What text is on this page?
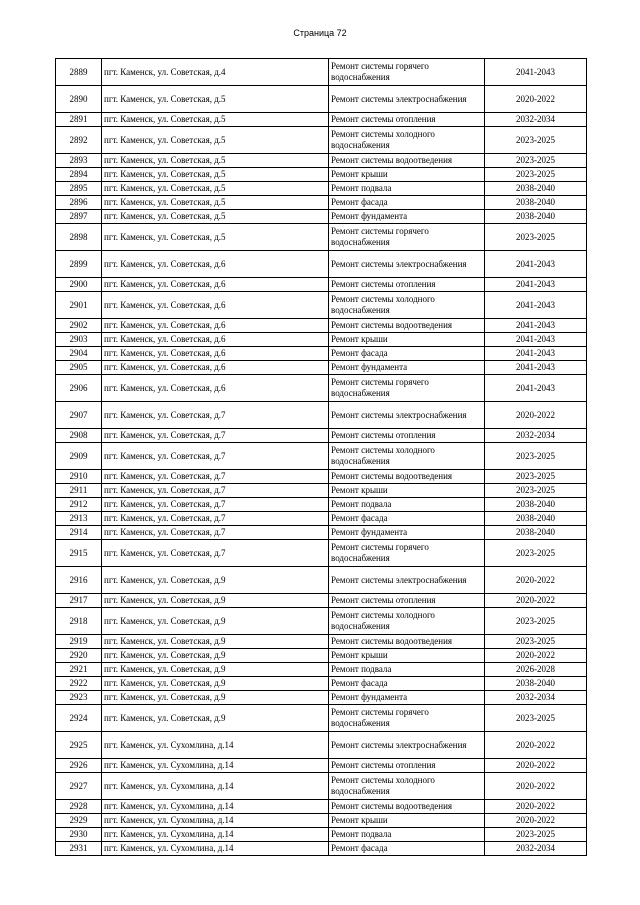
Страница 72
2889	пгт. Каменск, ул. Советская, д.4	Ремонт системы горячего водоснабжения	2041-2043
2890	пгт. Каменск, ул. Советская, д.5	Ремонт системы электроснабжения	2020-2022
2891	пгт. Каменск, ул. Советская, д.5	Ремонт системы отопления	2032-2034
2892	пгт. Каменск, ул. Советская, д.5	Ремонт системы холодного водоснабжения	2023-2025
2893	пгт. Каменск, ул. Советская, д.5	Ремонт системы водоотведения	2023-2025
2894	пгт. Каменск, ул. Советская, д.5	Ремонт крыши	2023-2025
2895	пгт. Каменск, ул. Советская, д.5	Ремонт подвала	2038-2040
2896	пгт. Каменск, ул. Советская, д.5	Ремонт фасада	2038-2040
2897	пгт. Каменск, ул. Советская, д.5	Ремонт фундамента	2038-2040
2898	пгт. Каменск, ул. Советская, д.5	Ремонт системы горячего водоснабжения	2023-2025
2899	пгт. Каменск, ул. Советская, д.6	Ремонт системы электроснабжения	2041-2043
2900	пгт. Каменск, ул. Советская, д.6	Ремонт системы отопления	2041-2043
2901	пгт. Каменск, ул. Советская, д.6	Ремонт системы холодного водоснабжения	2041-2043
2902	пгт. Каменск, ул. Советская, д.6	Ремонт системы водоотведения	2041-2043
2903	пгт. Каменск, ул. Советская, д.6	Ремонт крыши	2041-2043
2904	пгт. Каменск, ул. Советская, д.6	Ремонт фасада	2041-2043
2905	пгт. Каменск, ул. Советская, д.6	Ремонт фундамента	2041-2043
2906	пгт. Каменск, ул. Советская, д.6	Ремонт системы горячего водоснабжения	2041-2043
2907	пгт. Каменск, ул. Советская, д.7	Ремонт системы электроснабжения	2020-2022
2908	пгт. Каменск, ул. Советская, д.7	Ремонт системы отопления	2032-2034
2909	пгт. Каменск, ул. Советская, д.7	Ремонт системы холодного водоснабжения	2023-2025
2910	пгт. Каменск, ул. Советская, д.7	Ремонт системы водоотведения	2023-2025
2911	пгт. Каменск, ул. Советская, д.7	Ремонт крыши	2023-2025
2912	пгт. Каменск, ул. Советская, д.7	Ремонт подвала	2038-2040
2913	пгт. Каменск, ул. Советская, д.7	Ремонт фасада	2038-2040
2914	пгт. Каменск, ул. Советская, д.7	Ремонт фундамента	2038-2040
2915	пгт. Каменск, ул. Советская, д.7	Ремонт системы горячего водоснабжения	2023-2025
2916	пгт. Каменск, ул. Советская, д.9	Ремонт системы электроснабжения	2020-2022
2917	пгт. Каменск, ул. Советская, д.9	Ремонт системы отопления	2020-2022
2918	пгт. Каменск, ул. Советская, д.9	Ремонт системы холодного водоснабжения	2023-2025
2919	пгт. Каменск, ул. Советская, д.9	Ремонт системы водоотведения	2023-2025
2920	пгт. Каменск, ул. Советская, д.9	Ремонт крыши	2020-2022
2921	пгт. Каменск, ул. Советская, д.9	Ремонт подвала	2026-2028
2922	пгт. Каменск, ул. Советская, д.9	Ремонт фасада	2038-2040
2923	пгт. Каменск, ул. Советская, д.9	Ремонт фундамента	2032-2034
2924	пгт. Каменск, ул. Советская, д.9	Ремонт системы горячего водоснабжения	2023-2025
2925	пгт. Каменск, ул. Сухомлина, д.14	Ремонт системы электроснабжения	2020-2022
2926	пгт. Каменск, ул. Сухомлина, д.14	Ремонт системы отопления	2020-2022
2927	пгт. Каменск, ул. Сухомлина, д.14	Ремонт системы холодного водоснабжения	2020-2022
2928	пгт. Каменск, ул. Сухомлина, д.14	Ремонт системы водоотведения	2020-2022
2929	пгт. Каменск, ул. Сухомлина, д.14	Ремонт крыши	2020-2022
2930	пгт. Каменск, ул. Сухомлина, д.14	Ремонт подвала	2023-2025
2931	пгт. Каменск, ул. Сухомлина, д.14	Ремонт фасада	2032-2034
